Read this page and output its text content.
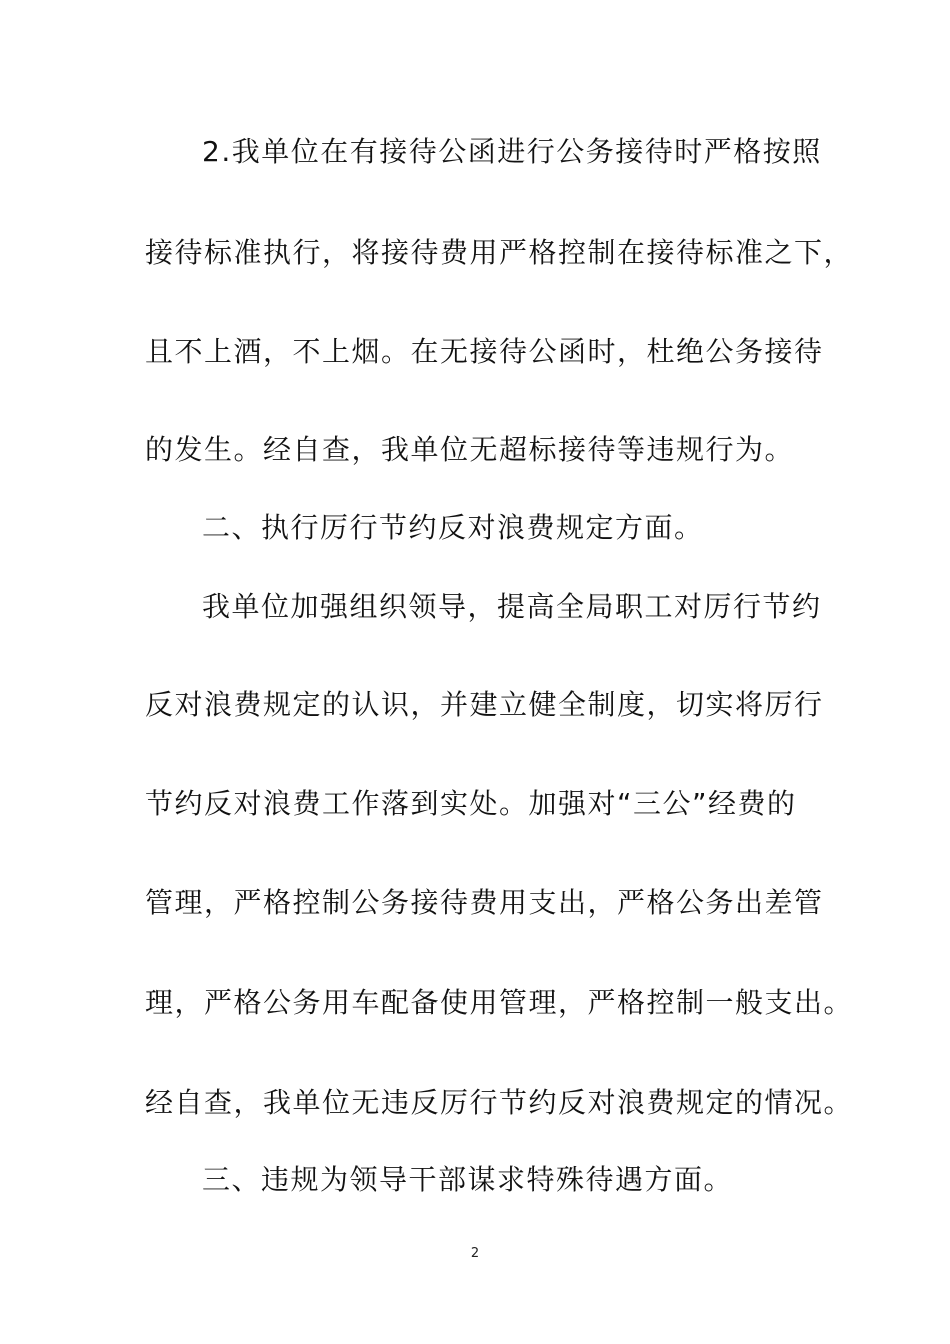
2.我单位在有接待公函进行公务接待时严格按照
接待标准执行，将接待费用严格控制在接待标准之下，
且不上酒，不上烟。在无接待公函时，杜绝公务接待
的发生。经自查，我单位无超标接待等违规行为。
二、执行厉行节约反对浪费规定方面。
我单位加强组织领导，提高全局职工对厉行节约
反对浪费规定的认识，并建立健全制度，切实将厉行
节约反对浪费工作落到实处。加强对“三公”经费的
管理，严格控制公务接待费用支出，严格公务出差管
理，严格公务用车配备使用管理，严格控制一般支出。
经自查，我单位无违反厉行节约反对浪费规定的情况。
三、违规为领导干部谋求特殊待遇方面。
2
